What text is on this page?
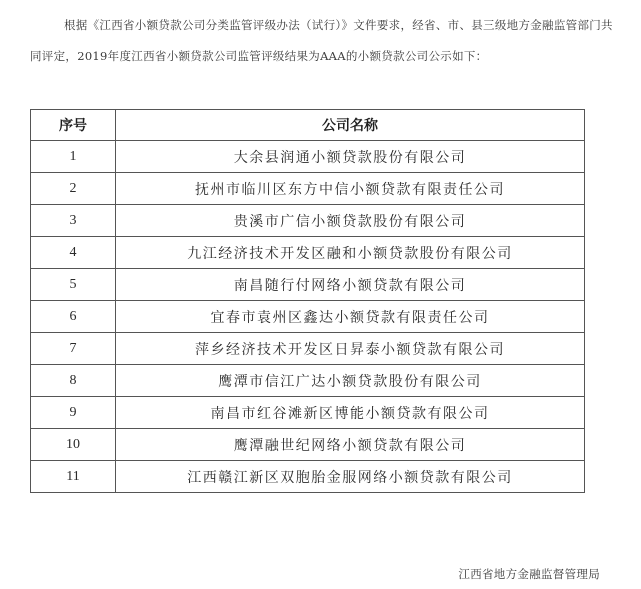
根据《江西省小额贷款公司分类监管评级办法（试行）》文件要求，经省、市、县三级地方金融监管部门共同评定，2019年度江西省小额贷款公司监管评级结果为AAA的小额贷款公司公示如下：

序号	公司名称
1	大余县润通小额贷款股份有限公司
2	抚州市临川区东方中信小额贷款有限责任公司
3	贵溪市广信小额贷款股份有限公司
4	九江经济技术开发区融和小额贷款股份有限公司
5	南昌随行付网络小额贷款有限公司
6	宜春市袁州区鑫达小额贷款有限责任公司
7	萍乡经济技术开发区日昇泰小额贷款有限公司
8	鹰潭市信江广达小额贷款股份有限公司
9	南昌市红谷滩新区博能小额贷款有限公司
10	鹰潭融世纪网络小额贷款有限公司
11	江西赣江新区双胞胎金服网络小额贷款有限公司
江西省地方金融监督管理局
